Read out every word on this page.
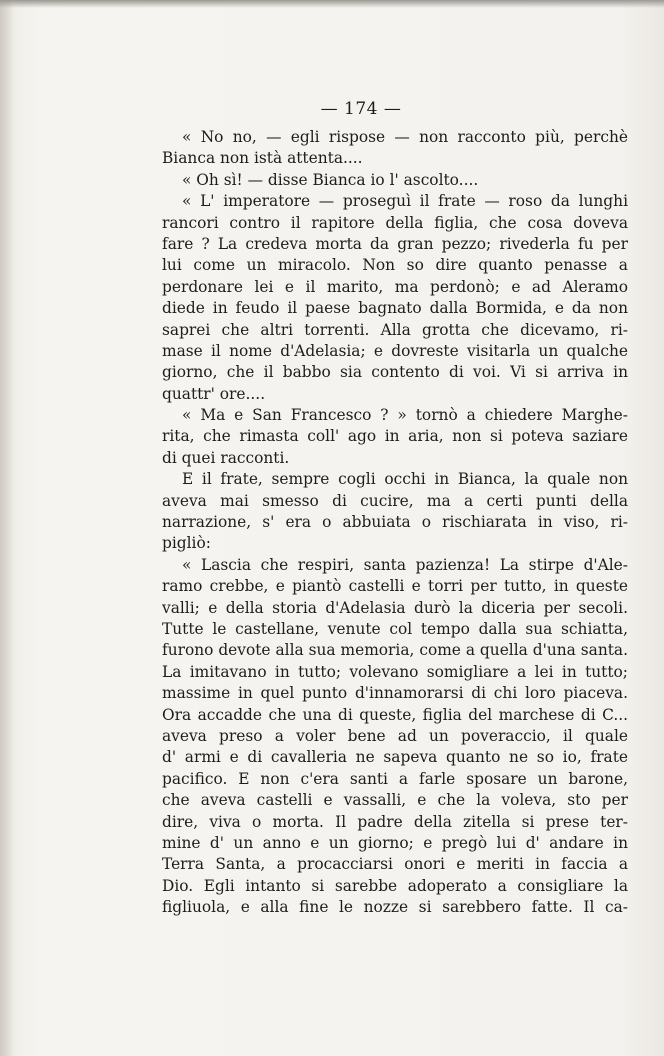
— 174 —
« No no, — egli rispose — non racconto più, perchè
Bianca non istà attenta....
« Oh sì! — disse Bianca io l' ascolto....
« L' imperatore — proseguì il frate — roso da lunghi
rancori contro il rapitore della figlia, che cosa doveva
fare ? La credeva morta da gran pezzo; rivederla fu per
lui come un miracolo. Non so dire quanto penasse a
perdonare lei e il marito, ma perdonò; e ad Aleramo
diede in feudo il paese bagnato dalla Bormida, e da non
saprei che altri torrenti. Alla grotta che dicevamo, ri-
mase il nome d'Adelasia; e dovreste visitarla un qualche
giorno, che il babbo sia contento di voi. Vi si arriva in
quattr' ore....
« Ma e San Francesco ? » tornò a chiedere Marghe-
rita, che rimasta coll' ago in aria, non si poteva saziare
di quei racconti.
E il frate, sempre cogli occhi in Bianca, la quale non
aveva mai smesso di cucire, ma a certi punti della
narrazione, s' era o abbuiata o rischiarata in viso, ri-
pigliò:
« Lascia che respiri, santa pazienza! La stirpe d'Ale-
ramo crebbe, e piantò castelli e torri per tutto, in queste
valli; e della storia d'Adelasia durò la diceria per secoli.
Tutte le castellane, venute col tempo dalla sua schiatta,
furono devote alla sua memoria, come a quella d'una santa.
La imitavano in tutto; volevano somigliare a lei in tutto;
massime in quel punto d'innamorarsi di chi loro piaceva.
Ora accadde che una di queste, figlia del marchese di C...
aveva preso a voler bene ad un poveraccio, il quale
d' armi e di cavalleria ne sapeva quanto ne so io, frate
pacifico. E non c'era santi a farle sposare un barone,
che aveva castelli e vassalli, e che la voleva, sto per
dire, viva o morta. Il padre della zitella si prese ter-
mine d' un anno e un giorno; e pregò lui d' andare in
Terra Santa, a procacciarsi onori e meriti in faccia a
Dio. Egli intanto si sarebbe adoperato a consigliare la
figliuola, e alla fine le nozze si sarebbero fatte. Il ca-
